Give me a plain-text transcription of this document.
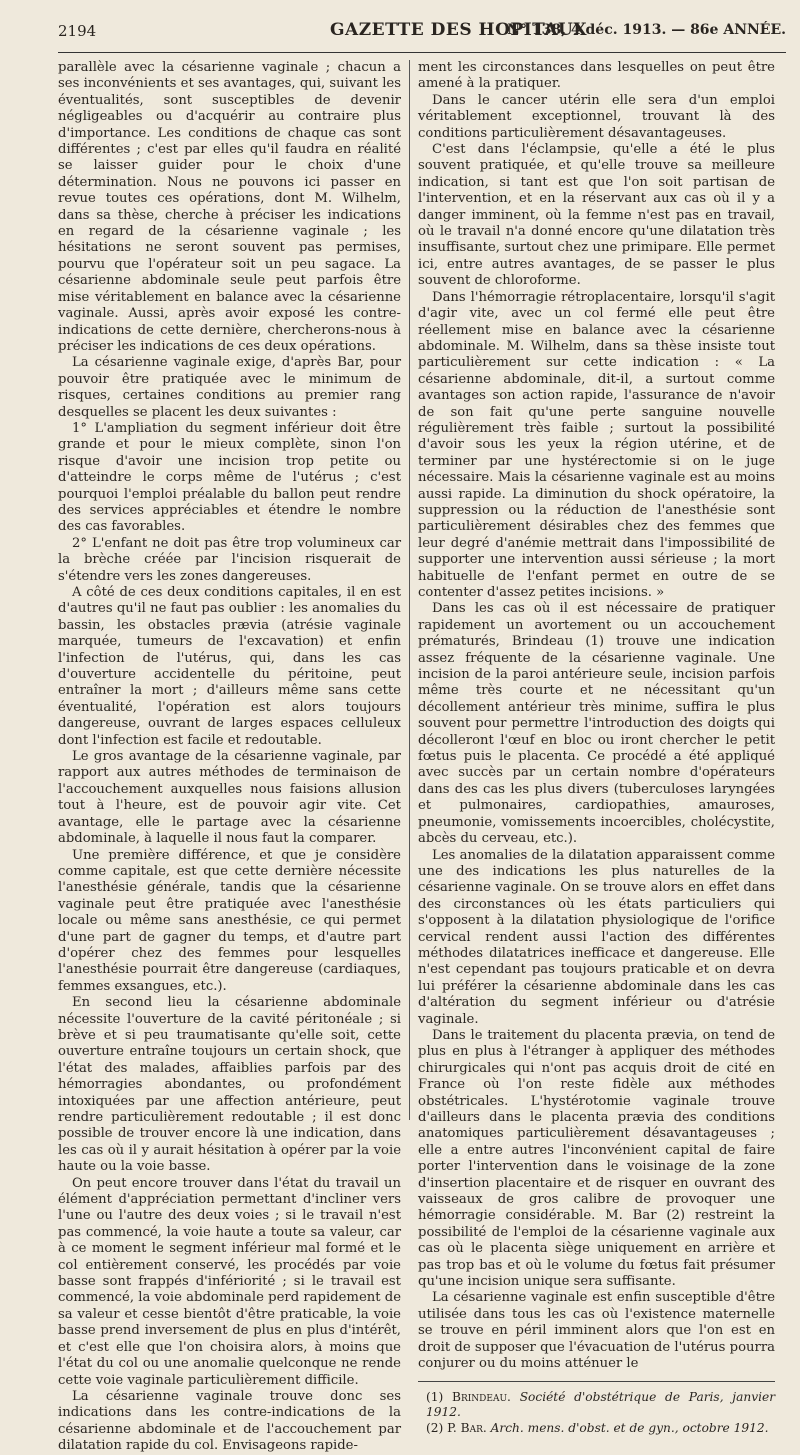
2194	GAZETTE DES HOPITAUX
N° 138, 4 déc. 1913. — 86e ANNÉE.

parallèle avec la césarienne vaginale ; chacun a ses inconvénients et ses avantages, qui, suivant les éventualités, sont susceptibles de devenir négligeables ou d'acquérir au contraire plus d'importance. Les conditions de chaque cas sont différentes ; c'est par elles qu'il faudra en réalité se laisser guider pour le choix d'une détermination. Nous ne pouvons ici passer en revue toutes ces opérations, dont M. Wilhelm, dans sa thèse, cherche à préciser les indications en regard de la césarienne vaginale ; les hésitations ne seront souvent pas permises, pourvu que l'opérateur soit un peu sagace. La césarienne abdominale seule peut parfois être mise véritablement en balance avec la césarienne vaginale. Aussi, après avoir exposé les contre-indications de cette dernière, chercherons-nous à préciser les indications de ces deux opérations.

La césarienne vaginale exige, d'après Bar, pour pouvoir être pratiquée avec le minimum de risques, certaines conditions au premier rang desquelles se placent les deux suivantes :

1° L'ampliation du segment inférieur doit être grande et pour le mieux complète, sinon l'on risque d'avoir une incision trop petite ou d'atteindre le corps même de l'utérus ; c'est pourquoi l'emploi préalable du ballon peut rendre des services appréciables et étendre le nombre des cas favorables.

2° L'enfant ne doit pas être trop volumineux car la brèche créée par l'incision risquerait de s'étendre vers les zones dangereuses.

A côté de ces deux conditions capitales, il en est d'autres qu'il ne faut pas oublier : les anomalies du bassin, les obstacles prævia (atrésie vaginale marquée, tumeurs de l'excavation) et enfin l'infection de l'utérus, qui, dans les cas d'ouverture accidentelle du péritoine, peut entraîner la mort ; d'ailleurs même sans cette éventualité, l'opération est alors toujours dangereuse, ouvrant de larges espaces celluleux dont l'infection est facile et redoutable.

Le gros avantage de la césarienne vaginale, par rapport aux autres méthodes de terminaison de l'accouchement auxquelles nous faisions allusion tout à l'heure, est de pouvoir agir vite. Cet avantage, elle le partage avec la césarienne abdominale, à laquelle il nous faut la comparer.

Une première différence, et que je considère comme capitale, est que cette dernière nécessite l'anesthésie générale, tandis que la césarienne vaginale peut être pratiquée avec l'anesthésie locale ou même sans anesthésie, ce qui permet d'une part de gagner du temps, et d'autre part d'opérer chez des femmes pour lesquelles l'anesthésie pourrait être dangereuse (cardiaques, femmes exsangues, etc.).

En second lieu la césarienne abdominale nécessite l'ouverture de la cavité péritonéale ; si brève et si peu traumatisante qu'elle soit, cette ouverture entraîne toujours un certain shock, que l'état des malades, affaiblies parfois par des hémorragies abondantes, ou profondément intoxiquées par une affection antérieure, peut rendre particulièrement redoutable ; il est donc possible de trouver encore là une indication, dans les cas où il y aurait hésitation à opérer par la voie haute ou la voie basse.

On peut encore trouver dans l'état du travail un élément d'appréciation permettant d'incliner vers l'une ou l'autre des deux voies ; si le travail n'est pas commencé, la voie haute a toute sa valeur, car à ce moment le segment inférieur mal formé et le col entièrement conservé, les procédés par voie basse sont frappés d'infériorité ; si le travail est commencé, la voie abdominale perd rapidement de sa valeur et cesse bientôt d'être praticable, la voie basse prend inversement de plus en plus d'intérêt, et c'est elle que l'on choisira alors, à moins que l'état du col ou une anomalie quelconque ne rende cette voie vaginale particulièrement difficile.

La césarienne vaginale trouve donc ses indications dans les contre-indications de la césarienne abdominale et de l'accouchement par dilatation rapide du col. Envisageons rapide-

ment les circonstances dans lesquelles on peut être amené à la pratiquer.

Dans le cancer utérin elle sera d'un emploi véritablement exceptionnel, trouvant là des conditions particulièrement désavantageuses.

C'est dans l'éclampsie, qu'elle a été le plus souvent pratiquée, et qu'elle trouve sa meilleure indication, si tant est que l'on soit partisan de l'intervention, et en la réservant aux cas où il y a danger imminent, où la femme n'est pas en travail, où le travail n'a donné encore qu'une dilatation très insuffisante, surtout chez une primipare. Elle permet ici, entre autres avantages, de se passer le plus souvent de chloroforme.

Dans l'hémorragie rétroplacentaire, lorsqu'il s'agit d'agir vite, avec un col fermé elle peut être réellement mise en balance avec la césarienne abdominale. M. Wilhelm, dans sa thèse insiste tout particulièrement sur cette indication : « La césarienne abdominale, dit-il, a surtout comme avantages son action rapide, l'assurance de n'avoir de son fait qu'une perte sanguine nouvelle régulièrement très faible ; surtout la possibilité d'avoir sous les yeux la région utérine, et de terminer par une hystérectomie si on le juge nécessaire. Mais la césarienne vaginale est au moins aussi rapide. La diminution du shock opératoire, la suppression ou la réduction de l'anesthésie sont particulièrement désirables chez des femmes que leur degré d'anémie mettrait dans l'impossibilité de supporter une intervention aussi sérieuse ; la mort habituelle de l'enfant permet en outre de se contenter d'assez petites incisions. »

Dans les cas où il est nécessaire de pratiquer rapidement un avortement ou un accouchement prématurés, Brindeau (1) trouve une indication assez fréquente de la césarienne vaginale. Une incision de la paroi antérieure seule, incision parfois même très courte et ne nécessitant qu'un décollement antérieur très minime, suffira le plus souvent pour permettre l'introduction des doigts qui décolleront l'œuf en bloc ou iront chercher le petit fœtus puis le placenta. Ce procédé a été appliqué avec succès par un certain nombre d'opérateurs dans des cas les plus divers (tuberculoses laryngées et pulmonaires, cardiopathies, amauroses, pneumonie, vomissements incoercibles, cholécystite, abcès du cerveau, etc.).

Les anomalies de la dilatation apparaissent comme une des indications les plus naturelles de la césarienne vaginale. On se trouve alors en effet dans des circonstances où les états particuliers qui s'opposent à la dilatation physiologique de l'orifice cervical rendent aussi l'action des différentes méthodes dilatatrices inefficace et dangereuse. Elle n'est cependant pas toujours praticable et on devra lui préférer la césarienne abdominale dans les cas d'altération du segment inférieur ou d'atrésie vaginale.

Dans le traitement du placenta prævia, on tend de plus en plus à l'étranger à appliquer des méthodes chirurgicales qui n'ont pas acquis droit de cité en France où l'on reste fidèle aux méthodes obstétricales. L'hystérotomie vaginale trouve d'ailleurs dans le placenta prævia des conditions anatomiques particulièrement désavantageuses ; elle a entre autres l'inconvénient capital de faire porter l'intervention dans le voisinage de la zone d'insertion placentaire et de risquer en ouvrant des vaisseaux de gros calibre de provoquer une hémorragie considérable. M. Bar (2) restreint la possibilité de l'emploi de la césarienne vaginale aux cas où le placenta siège uniquement en arrière et pas trop bas et où le volume du fœtus fait présumer qu'une incision unique sera suffisante.

La césarienne vaginale est enfin susceptible d'être utilisée dans tous les cas où l'existence maternelle se trouve en péril imminent alors que l'on est en droit de supposer que l'évacuation de l'utérus pourra conjurer ou du moins atténuer le

(1) Brindeau. Société d'obstétrique de Paris, janvier 1912.
(2) P. Bar. Arch. mens. d'obst. et de gyn., octobre 1912.
